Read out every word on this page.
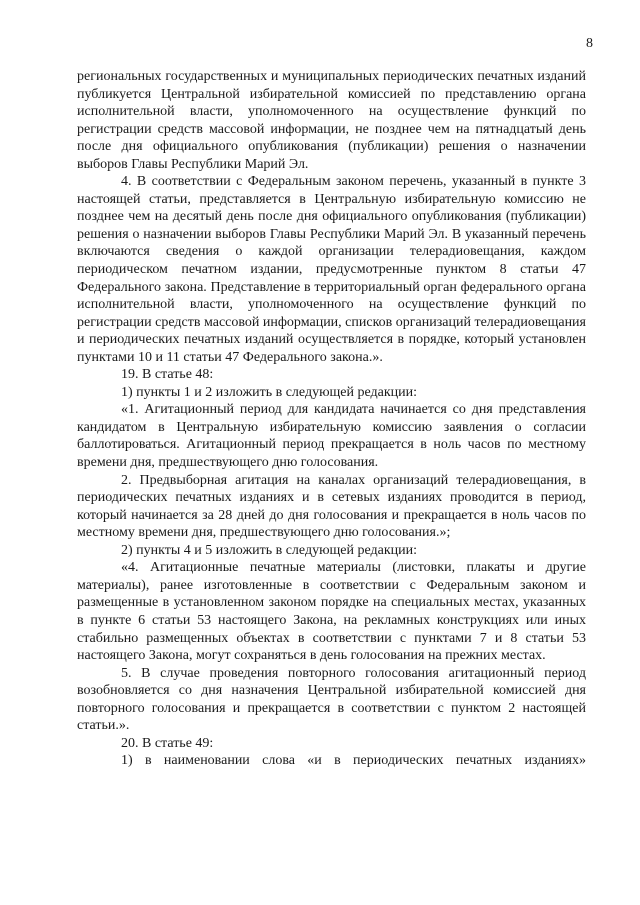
8

региональных государственных и муниципальных периодических печатных изданий публикуется Центральной избирательной комиссией по представлению органа исполнительной власти, уполномоченного на осуществление функций по регистрации средств массовой информации, не позднее чем на пятнадцатый день после дня официального опубликования (публикации) решения о назначении выборов Главы Республики Марий Эл.

4. В соответствии с Федеральным законом перечень, указанный в пункте 3 настоящей статьи, представляется в Центральную избирательную комиссию не позднее чем на десятый день после дня официального опубликования (публикации) решения о назначении выборов Главы Республики Марий Эл. В указанный перечень включаются сведения о каждой организации телерадиовещания, каждом периодическом печатном издании, предусмотренные пунктом 8 статьи 47 Федерального закона. Представление в территориальный орган федерального органа исполнительной власти, уполномоченного на осуществление функций по регистрации средств массовой информации, списков организаций телерадиовещания и периодических печатных изданий осуществляется в порядке, который установлен пунктами 10 и 11 статьи 47 Федерального закона.».

19. В статье 48:

1) пункты 1 и 2 изложить в следующей редакции:

«1. Агитационный период для кандидата начинается со дня представления кандидатом в Центральную избирательную комиссию заявления о согласии баллотироваться. Агитационный период прекращается в ноль часов по местному времени дня, предшествующего дню голосования.

2. Предвыборная агитация на каналах организаций телерадиовещания, в периодических печатных изданиях и в сетевых изданиях проводится в период, который начинается за 28 дней до дня голосования и прекращается в ноль часов по местному времени дня, предшествующего дню голосования.»;

2) пункты 4 и 5 изложить в следующей редакции:

«4. Агитационные печатные материалы (листовки, плакаты и другие материалы), ранее изготовленные в соответствии с Федеральным законом и размещенные в установленном законом порядке на специальных местах, указанных в пункте 6 статьи 53 настоящего Закона, на рекламных конструкциях или иных стабильно размещенных объектах в соответствии с пунктами 7 и 8 статьи 53 настоящего Закона, могут сохраняться в день голосования на прежних местах.

5. В случае проведения повторного голосования агитационный период возобновляется со дня назначения Центральной избирательной комиссией дня повторного голосования и прекращается в соответствии с пунктом 2 настоящей статьи.».

20. В статье 49:

1) в наименовании слова «и в периодических печатных изданиях»
